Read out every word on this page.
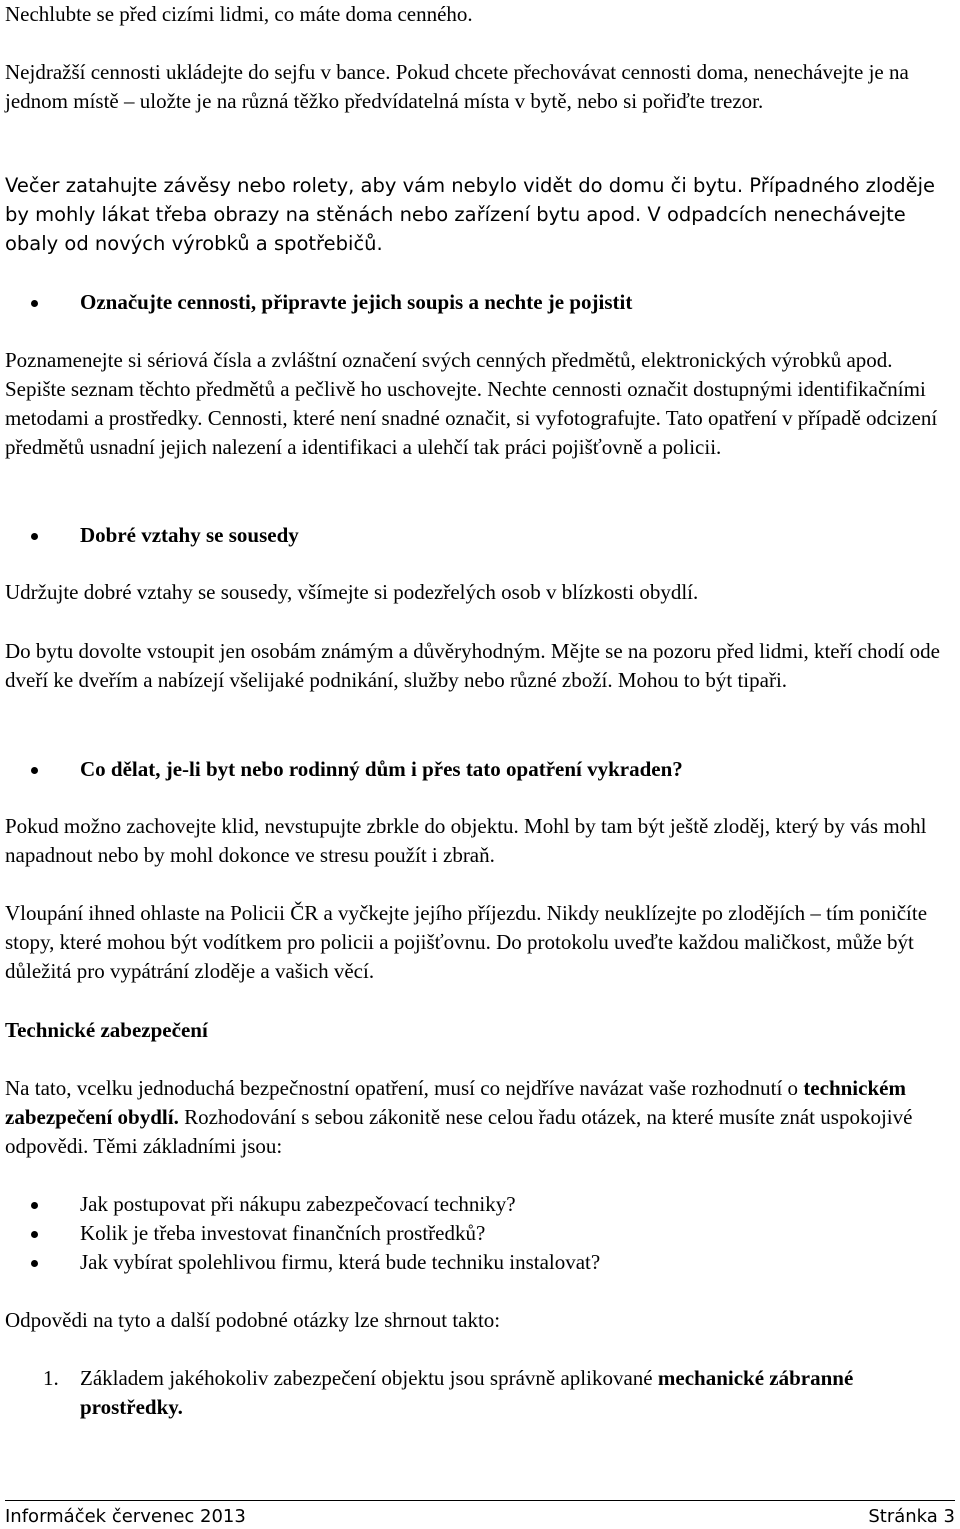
Nechlubte se před cizími lidmi, co máte doma cenného.

Nejdražší cennosti ukládejte do sejfu v bance. Pokud chcete přechovávat cennosti doma, nenechávejte je na jednom místě – uložte je na různá těžko předvídatelná místa v bytě, nebo si pořiďte trezor.

Večer zatahujte závěsy nebo rolety, aby vám nebylo vidět do domu či bytu. Případného zloděje by mohly lákat třeba obrazy na stěnách nebo zařízení bytu apod. V odpadcích nenechávejte obaly od nových výrobků a spotřebičů.

Označujte cennosti, připravte jejich soupis a nechte je pojistit

Poznamenejte si sériová čísla a zvláštní označení svých cenných předmětů, elektronických výrobků apod. Sepište seznam těchto předmětů a pečlivě ho uschovejte. Nechte cennosti označit dostupnými identifikačními metodami a prostředky. Cennosti, které není snadné označit, si vyfotografujte. Tato opatření v případě odcizení předmětů usnadní jejich nalezení a identifikaci a ulehčí tak práci pojišťovně a policii.

Dobré vztahy se sousedy

Udržujte dobré vztahy se sousedy, všímejte si podezřelých osob v blízkosti obydlí.

Do bytu dovolte vstoupit jen osobám známým a důvěryhodným. Mějte se na pozoru před lidmi, kteří chodí ode dveří ke dveřím a nabízejí všelijaké podnikání, služby nebo různé zboží. Mohou to být tipaři.

Co dělat, je-li byt nebo rodinný dům i přes tato opatření vykraden?

Pokud možno zachovejte klid, nevstupujte zbrkle do objektu. Mohl by tam být ještě zloděj, který by vás mohl napadnout nebo by mohl dokonce ve stresu použít i zbraň.

Vloupání ihned ohlaste na Policii ČR a vyčkejte jejího příjezdu. Nikdy neuklízejte po zlodějích – tím poničíte stopy, které mohou být vodítkem pro policii a pojišťovnu. Do protokolu uveďte každou maličkost, může být důležitá pro vypátrání zloděje a vašich věcí.

Technické zabezpečení

Na tato, vcelku jednoduchá bezpečnostní opatření, musí co nejdříve navázat vaše rozhodnutí o technickém zabezpečení obydlí. Rozhodování s sebou zákonitě nese celou řadu otázek, na které musíte znát uspokojivé odpovědi. Těmi základními jsou:

Jak postupovat při nákupu zabezpečovací techniky?
Kolik je třeba investovat finančních prostředků?
Jak vybírat spolehlivou firmu, která bude techniku instalovat?

Odpovědi na tyto a další podobné otázky lze shrnout takto:

1. Základem jakéhokoliv zabezpečení objektu jsou správně aplikované mechanické zábranné prostředky.
Informáček červenec 2013	Stránka 3
